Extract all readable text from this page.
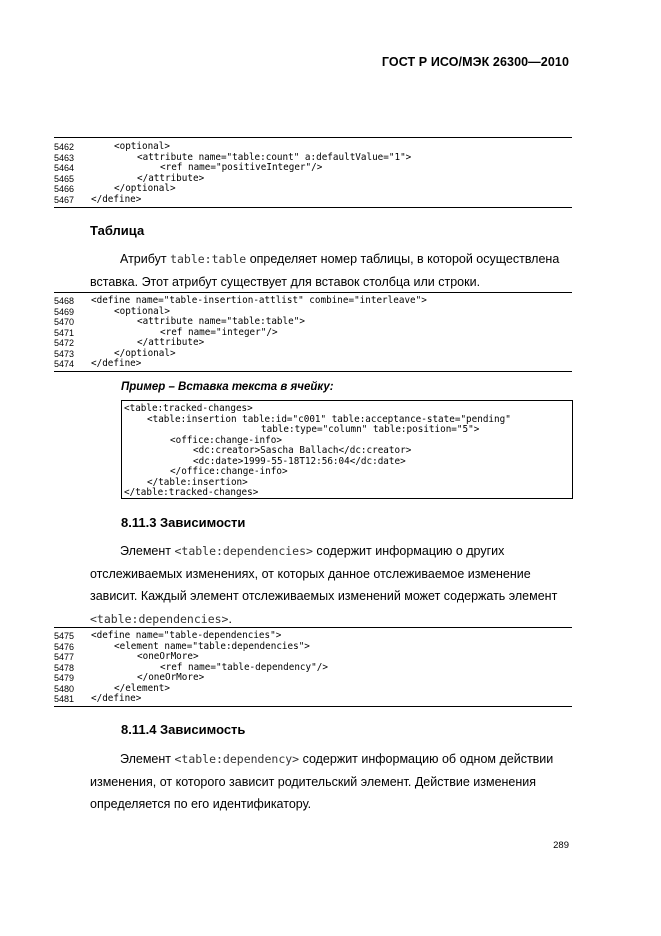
ГОСТ Р ИСО/МЭК 26300—2010
5462	<optional>
5463	<attribute name="table:count" a:defaultValue="1">
5464	<ref name="positiveInteger"/>
5465	</attribute>
5466	</optional>
5467	</define>
Таблица
Атрибут table:table определяет номер таблицы, в которой осуществлена
вставка. Этот атрибут существует для вставок столбца или строки.
5468	<define name="table-insertion-attlist" combine="interleave">
5469	<optional>
5470	<attribute name="table:table">
5471	<ref name="integer"/>
5472	</attribute>
5473	</optional>
5474	</define>
Пример – Вставка текста в ячейку:
<table:tracked-changes>
<table:insertion table:id="c001" table:acceptance-state="pending"
table:type="column" table:position="5">
<office:change-info>
<dc:creator>Sascha Ballach</dc:creator>
<dc:date>1999-55-18T12:56:04</dc:date>
</office:change-info>
</table:insertion>
</table:tracked-changes>
8.11.3 Зависимости
Элемент <table:dependencies> содержит информацию о других
отслеживаемых изменениях, от которых данное отслеживаемое изменение
зависит. Каждый элемент отслеживаемых изменений может содержать элемент
<table:dependencies>.
5475	<define name="table-dependencies">
5476	<element name="table:dependencies">
5477	<oneOrMore>
5478	<ref name="table-dependency"/>
5479	</oneOrMore>
5480	</element>
5481	</define>
8.11.4 Зависимость
Элемент <table:dependency> содержит информацию об одном действии
изменения, от которого зависит родительский элемент. Действие изменения
определяется по его идентификатору.
289
